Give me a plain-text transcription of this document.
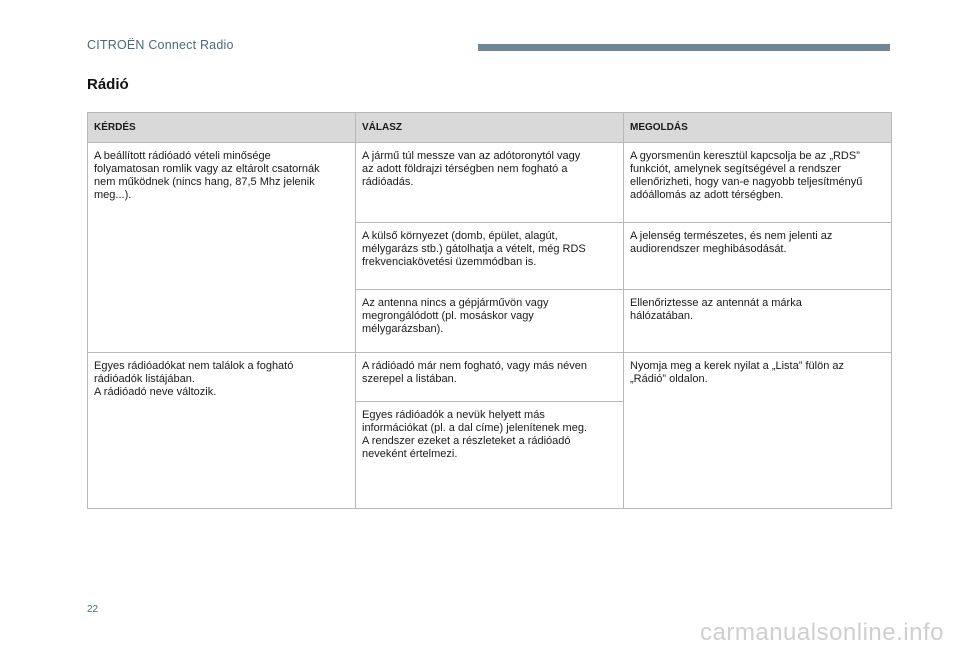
CITROËN Connect Radio
Rádió
KÉRDÉS	VÁLASZ	MEGOLDÁS
A beállított rádióadó vételi minősége
folyamatosan romlik vagy az eltárolt csatornák
nem működnek (nincs hang, 87,5 Mhz jelenik
meg...).	A jármű túl messze van az adótoronytól vagy
az adott földrajzi térségben nem fogható a
rádióadás.	A gyorsmenün keresztül kapcsolja be az „RDS”
funkciót, amelynek segítségével a rendszer
ellenőrizheti, hogy van-e nagyobb teljesítményű
adóállomás az adott térségben.
	A külső környezet (domb, épület, alagút,
mélygarázs stb.) gátolhatja a vételt, még RDS
frekvenciakövetési üzemmódban is.	A jelenség természetes, és nem jelenti az
audiorendszer meghibásodását.
	Az antenna nincs a gépjárművön vagy
megrongálódott (pl. mosáskor vagy
mélygarázsban).	Ellenőriztesse az antennát a márka
hálózatában.
Egyes rádióadókat nem találok a fogható
rádióadók listájában.
A rádióadó neve változik.	A rádióadó már nem fogható, vagy más néven
szerepel a listában.	Nyomja meg a kerek nyilat a „Lista” fülön az
„Rádió” oldalon.
	Egyes rádióadók a nevük helyett más
információkat (pl. a dal címe) jelenítenek meg.
A rendszer ezeket a részleteket a rádióadó
neveként értelmezi.	
22
carmanualsonline.info
